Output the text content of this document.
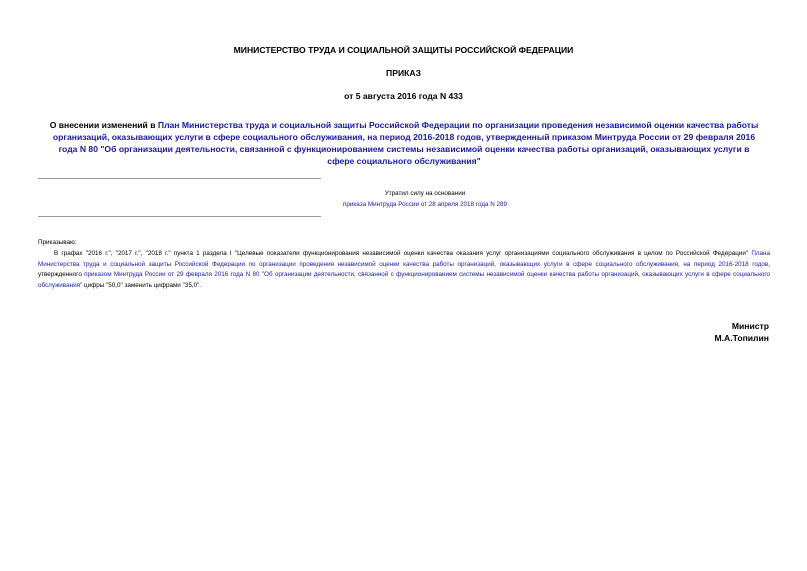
МИНИСТЕРСТВО ТРУДА И СОЦИАЛЬНОЙ ЗАЩИТЫ РОССИЙСКОЙ ФЕДЕРАЦИИ
ПРИКАЗ
от 5 августа 2016 года N 433
О внесении изменений в План Министерства труда и социальной защиты Российской Федерации по организации проведения независимой оценки качества работы организаций, оказывающих услуги в сфере социального обслуживания, на период 2016-2018 годов, утвержденный приказом Минтруда России от 29 февраля 2016 года N 80 "Об организации деятельности, связанной с функционированием системы независимой оценки качества работы организаций, оказывающих услуги в сфере социального обслуживания"
Утратил силу на основании
приказа Минтруда России от 28 апреля 2018 года N 289

Приказываю:

В графах "2016 г.", "2017 г.", "2018 г." пункта 1 раздела I "Целевые показатели функционирования независимой оценки качества оказания услуг организациями социального обслуживания в целом по Российской Федерации" Плана Министерства труда и социальной защиты Российской Федерации по организации проведения независимой оценки качества работы организаций, оказывающих услуги в сфере социального обслуживания, на период 2016-2018 годов, утвержденного приказом Минтруда России от 29 февраля 2016 года N 80 "Об организации деятельности, связанной с функционированием системы независимой оценки качества работы организаций, оказывающих услуги в сфере социального обслуживания" цифры "50,0" заменить цифрами "35,0".

Министр
М.А.Топилин
